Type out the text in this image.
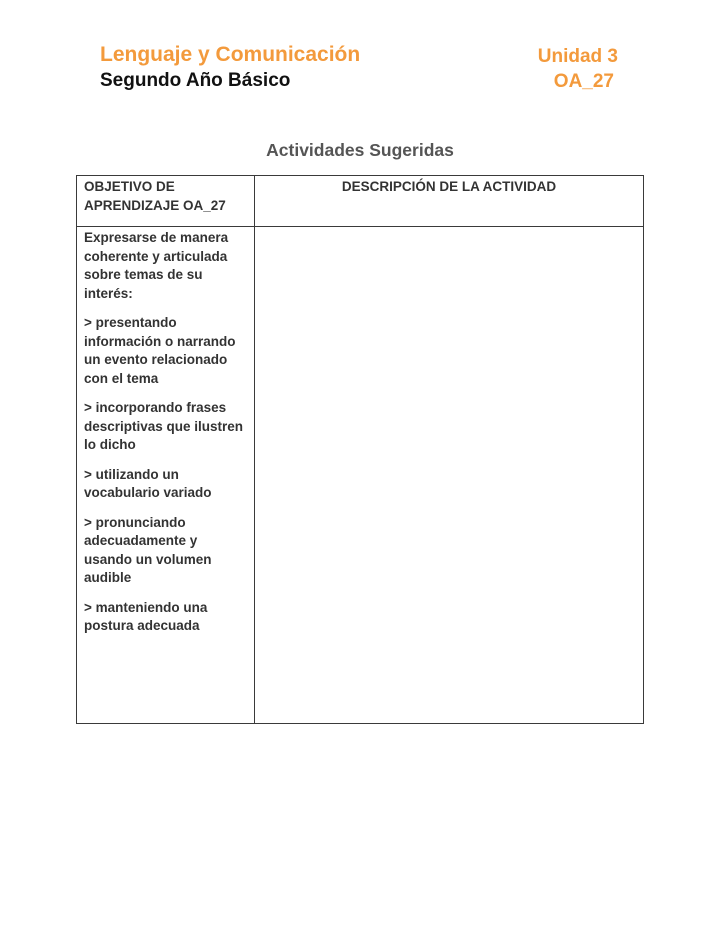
Lenguaje y Comunicación
Segundo Año Básico
Unidad 3
OA_27
Actividades Sugeridas
OBJETIVO DE APRENDIZAJE OA_27	DESCRIPCIÓN DE LA ACTIVIDAD

Expresarse de manera coherente y articulada sobre temas de su interés:

> presentando información o narrando un evento relacionado con el tema

> incorporando frases descriptivas que ilustren lo dicho

> utilizando un vocabulario variado

> pronunciando adecuadamente y usando un volumen audible

> manteniendo una postura adecuada
